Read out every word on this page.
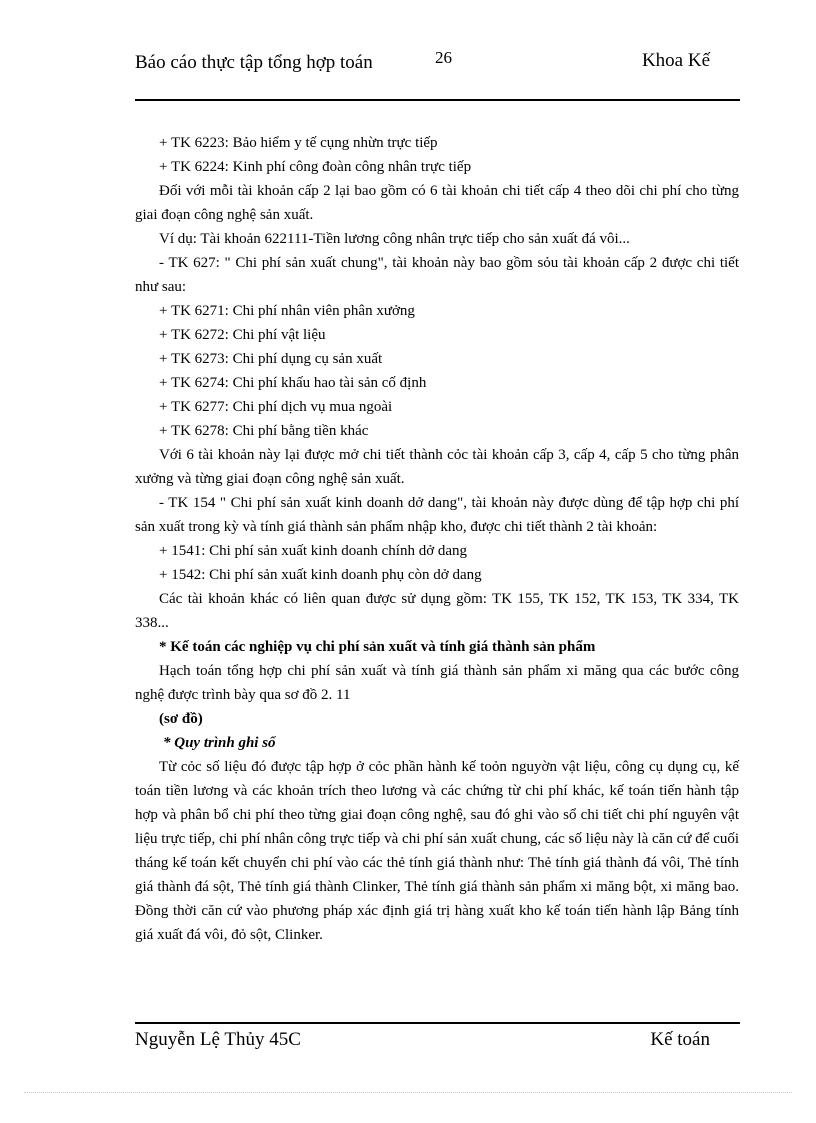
Báo cáo thực tập tổng hợp toán	26	Khoa Kế

+ TK 6223: Bảo hiểm y tế cụng nhừn trực tiếp

+ TK 6224: Kinh phí công đoàn công nhân trực tiếp

Đối với mỗi tài khoản cấp 2 lại bao gồm có 6 tài khoản chi tiết cấp 4 theo dõi chi phí cho từng giai đoạn công nghệ sản xuất.

Ví dụ: Tài khoản 622111-Tiền lương công nhân trực tiếp cho sản xuất đá vôi...

- TK 627: " Chi phí sản xuất chung", tài khoản này bao gồm sỏu tài khoản cấp 2 được chi tiết như sau:

+ TK 6271: Chi phí nhân viên phân xưởng

+ TK 6272: Chi phí vật liệu

+ TK 6273: Chi phí dụng cụ sản xuất

+ TK 6274: Chi phí khấu hao tài sản cố định

+ TK 6277: Chi phí dịch vụ mua ngoài

+ TK 6278: Chi phí bằng tiền khác

Với 6 tài khoản này lại được mở chi tiết thành cỏc tài khoản cấp 3, cấp 4, cấp 5 cho từng phân xưởng và từng giai đoạn công nghệ sản xuất.

- TK 154 " Chi phí sản xuất kinh doanh dở dang", tài khoản này được dùng để tập hợp chi phí sản xuất trong kỳ và tính giá thành sản phẩm nhập kho, được chi tiết thành 2 tài khoản:

+ 1541: Chi phí sản xuất kinh doanh chính dở dang

+ 1542: Chi phí sản xuất kinh doanh phụ còn dở dang

Các tài khoản khác có liên quan được sử dụng gồm: TK 155, TK 152, TK 153, TK 334, TK 338...

* Kế toán các nghiệp vụ chi phí sản xuất và tính giá thành sản phẩm

Hạch toán tổng hợp chi phí sản xuất và tính giá thành sản phẩm xi măng qua các bước công nghệ được trình bày qua sơ đồ 2. 11

(sơ đồ)

* Quy trình ghi sổ

Từ cỏc số liệu đó được tập hợp ở cỏc phần hành kế toỏn nguyờn vật liệu, công cụ dụng cụ, kế toán tiền lương và các khoản trích theo lương và các chứng từ chi phí khác, kế toán tiến hành tập hợp và phân bổ chi phí theo từng giai đoạn công nghệ, sau đó ghi vào sổ chi tiết chi phí nguyên vật liệu trực tiếp, chi phí nhân công trực tiếp và chi phí sản xuất chung, các số liệu này là căn cứ để cuối tháng kế toán kết chuyển chi phí vào các thẻ tính giá thành như: Thẻ tính giá thành đá vôi, Thẻ tính giá thành đá sột, Thẻ tính giá thành Clinker, Thẻ tính giá thành sản phẩm xi măng bột, xi măng bao. Đồng thời căn cứ vào phương pháp xác định giá trị hàng xuất kho kế toán tiến hành lập Bảng tính giá xuất đá vôi, đỏ sột, Clinker.

Nguyễn Lệ Thủy 45C	Kế toán
